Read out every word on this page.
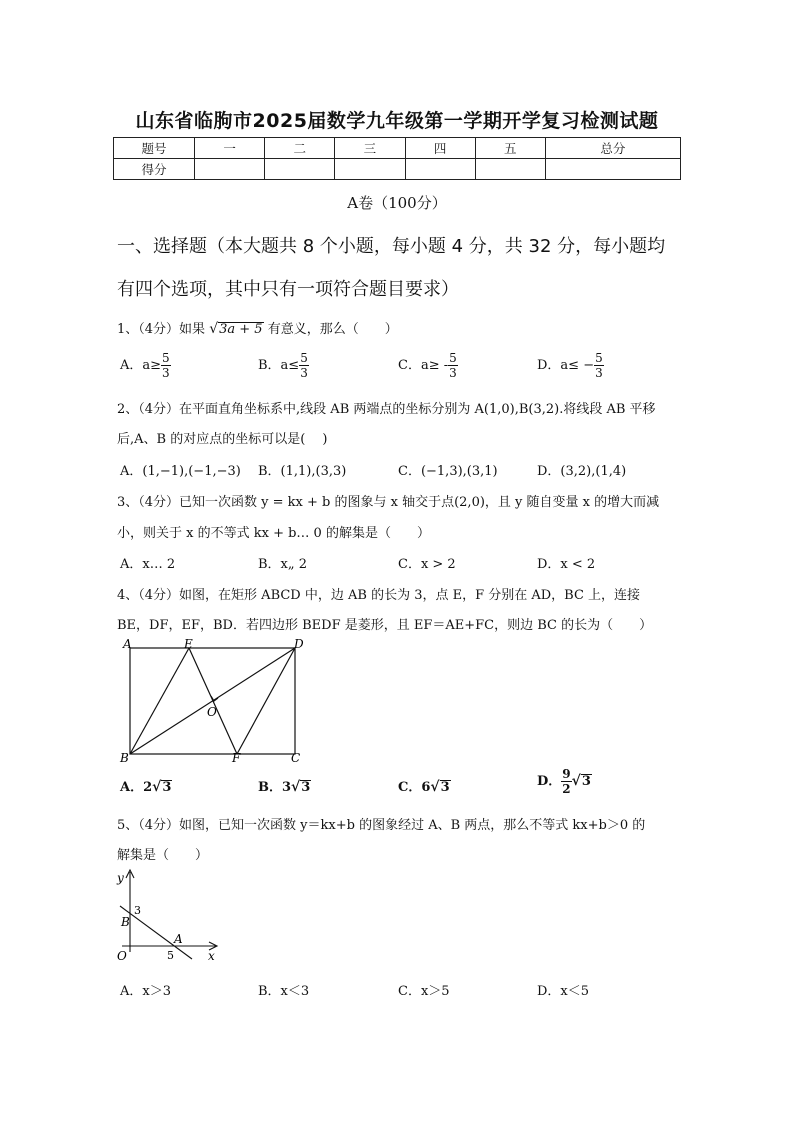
山东省临朐市2025届数学九年级第一学期开学复习检测试题
题号	一	二	三	四	五	总分
得分						
A卷（100分）
一、选择题（本大题共 8 个小题，每小题 4 分，共 32 分，每小题均
有四个选项，其中只有一项符合题目要求）
1、（4分）如果 √3a + 5 有意义，那么（　　）
A．$a\ge \frac{5}{3}$	B．$a\le \frac{5}{3}$	C．$a\ge - \frac{5}{3}$	D．$a\le - \frac{5}{3}$
2、（4分）在平面直角坐标系中,线段 AB 两端点的坐标分别为 A(1,0),B(3,2).将线段 AB 平移
后,A、B 的对应点的坐标可以是(　 )
A．(1,−1),(−1,−3) B．(1,1),(3,3)	C．(−1,3),(3,1)	D．(3,2),(1,4)
3、（4分）已知一次函数 y = kx + b 的图象与 x 轴交于点(2,0)，且 y 随自变量 x 的增大而减
小，则关于 x 的不等式 kx + b… 0 的解集是（　　）
A．x… 2	B．x„ 2	C．x > 2	D．x < 2
4、（4分）如图，在矩形 ABCD 中，边 AB 的长为 3，点 E，F 分别在 AD，BC 上，连接
BE，DF，EF，BD．若四边形 BEDF 是菱形，且 EF＝AE+FC，则边 BC 的长为（　　）
A	E	D
O
B	F	C
A．2√3	B．3√3	C．6√3	D． $\frac{9}{2} √3$
5、（4分）如图，已知一次函数 y＝kx+b 的图象经过 A、B 两点，那么不等式 kx+b＞0 的
解集是（　　）
y
x
O
B
A
3
5
A．x＞3	B．x＜3	C．x＞5	D．x＜5
